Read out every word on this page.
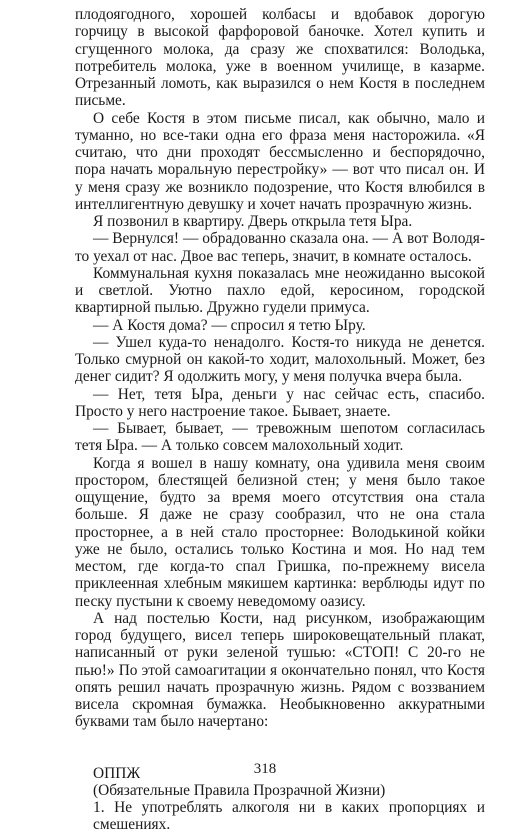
плодоягодного, хорошей колбасы и вдобавок дорогую горчицу в высокой фарфоровой баночке. Хотел купить и сгущенного молока, да сразу же спохватился: Володька, потребитель молока, уже в военном училище, в казарме. Отрезанный ломоть, как выразился о нем Костя в последнем письме.

О себе Костя в этом письме писал, как обычно, мало и туманно, но все-таки одна его фраза меня насторожила. «Я считаю, что дни проходят бессмысленно и беспорядочно, пора начать моральную перестройку» — вот что писал он. И у меня сразу же возникло подозрение, что Костя влюбился в интеллигентную девушку и хочет начать прозрачную жизнь.

Я позвонил в квартиру. Дверь открыла тетя Ыра.

— Вернулся! — обрадованно сказала она. — А вот Володя-то уехал от нас. Двое вас теперь, значит, в комнате осталось.

Коммунальная кухня показалась мне неожиданно высокой и светлой. Уютно пахло едой, керосином, городской квартирной пылью. Дружно гудели примуса.

— А Костя дома? — спросил я тетю Ыру.

— Ушел куда-то ненадолго. Костя-то никуда не денется. Только смурной он какой-то ходит, малохольный. Может, без денег сидит? Я одолжить могу, у меня получка вчера была.

— Нет, тетя Ыра, деньги у нас сейчас есть, спасибо. Просто у него настроение такое. Бывает, знаете.

— Бывает, бывает, — тревожным шепотом согласилась тетя Ыра. — А только совсем малохольный ходит.

Когда я вошел в нашу комнату, она удивила меня своим простором, блестящей белизной стен; у меня было такое ощущение, будто за время моего отсутствия она стала больше. Я даже не сразу сообразил, что не она стала просторнее, а в ней стало просторнее: Володькиной койки уже не было, остались только Костина и моя. Но над тем местом, где когда-то спал Гришка, по-прежнему висела приклеенная хлебным мякишем картинка: верблюды идут по песку пустыни к своему неведомому оазису.

А над постелью Кости, над рисунком, изображающим город будущего, висел теперь широковещательный плакат, написанный от руки зеленой тушью: «СТОП! С 20-го не пью!» По этой самоагитации я окончательно понял, что Костя опять решил начать прозрачную жизнь. Рядом с воззванием висела скромная бумажка. Необыкновенно аккуратными буквами там было начертано:

ОППЖ

(Обязательные Правила Прозрачной Жизни)

1. Не употреблять алкоголя ни в каких пропорциях и смешениях.

318
